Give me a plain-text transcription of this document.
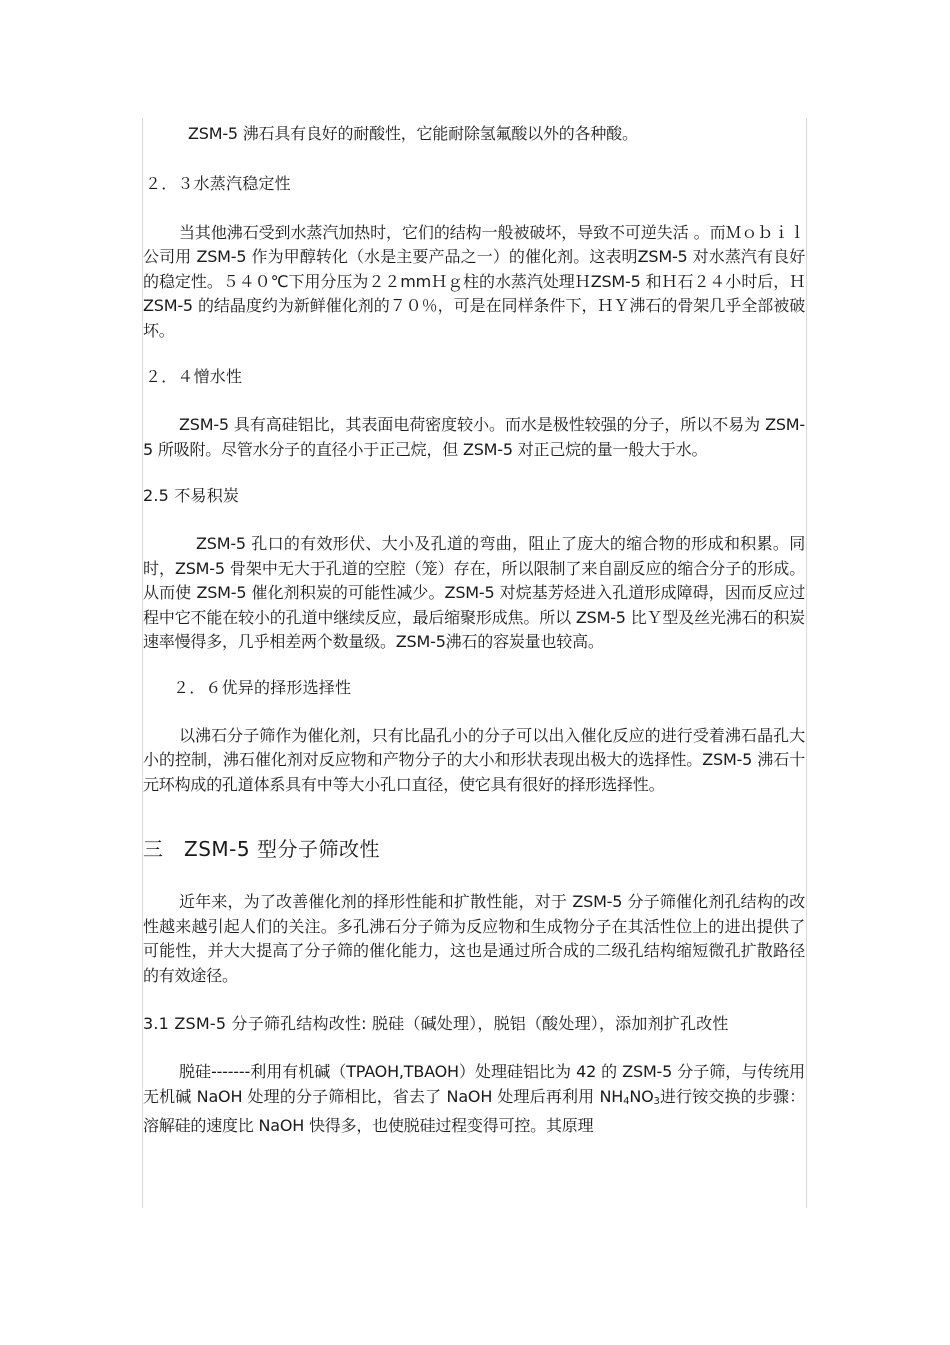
ZSM-5 沸石具有良好的耐酸性，它能耐除氢氟酸以外的各种酸。

２．３水蒸汽稳定性

当其他沸石受到水蒸汽加热时，它们的结构一般被破坏，导致不可逆失活 。而Ｍｏｂｉｌ公司用 ZSM-5 作为甲醇转化（水是主要产品之一）的催化剂。这表明ZSM-5 对水蒸汽有良好的稳定性。５４０℃下用分压为２２mmＨｇ柱的水蒸汽处理ＨZSM-5 和Ｈ石２４小时后，ＨZSM-5 的结晶度约为新鲜催化剂的７０％，可是在同样条件下，ＨＹ沸石的骨架几乎全部被破坏。

２．４憎水性

ZSM-5 具有高硅铝比，其表面电荷密度较小。而水是极性较强的分子，所以不易为 ZSM-5 所吸附。尽管水分子的直径小于正己烷，但 ZSM-5 对正己烷的量一般大于水。

2.5 不易积炭

ZSM-5 孔口的有效形伏、大小及孔道的弯曲，阻止了庞大的缩合物的形成和积累。同时，ZSM-5 骨架中无大于孔道的空腔（笼）存在，所以限制了来自副反应的缩合分子的形成。从而使 ZSM-5 催化剂积炭的可能性减少。ZSM-5 对烷基芳烃进入孔道形成障碍，因而反应过程中它不能在较小的孔道中继续反应，最后缩聚形成焦。所以 ZSM-5 比Ｙ型及丝光沸石的积炭速率慢得多，几乎相差两个数量级。ZSM-5沸石的容炭量也较高。

２．６优异的择形选择性

以沸石分子筛作为催化剂，只有比晶孔小的分子可以出入催化反应的进行受着沸石晶孔大小的控制，沸石催化剂对反应物和产物分子的大小和形状表现出极大的选择性。ZSM-5 沸石十元环构成的孔道体系具有中等大小孔口直径，使它具有很好的择形选择性。

三　ZSM-5 型分子筛改性

近年来，为了改善催化剂的择形性能和扩散性能，对于 ZSM-5 分子筛催化剂孔结构的改性越来越引起人们的关注。多孔沸石分子筛为反应物和生成物分子在其活性位上的进出提供了可能性，并大大提高了分子筛的催化能力，这也是通过所合成的二级孔结构缩短微孔扩散路径的有效途径。

3.1 ZSM-5 分子筛孔结构改性: 脱硅（碱处理），脱铝（酸处理），添加剂扩孔改性

脱硅-------利用有机碱（TPAOH,TBAOH）处理硅铝比为 42 的 ZSM-5 分子筛，与传统用无机碱 NaOH 处理的分子筛相比，省去了 NaOH 处理后再利用 $NH_4NO_3$进行铵交换的步骤：溶解硅的速度比 NaOH 快得多，也使脱硅过程变得可控。其原理
